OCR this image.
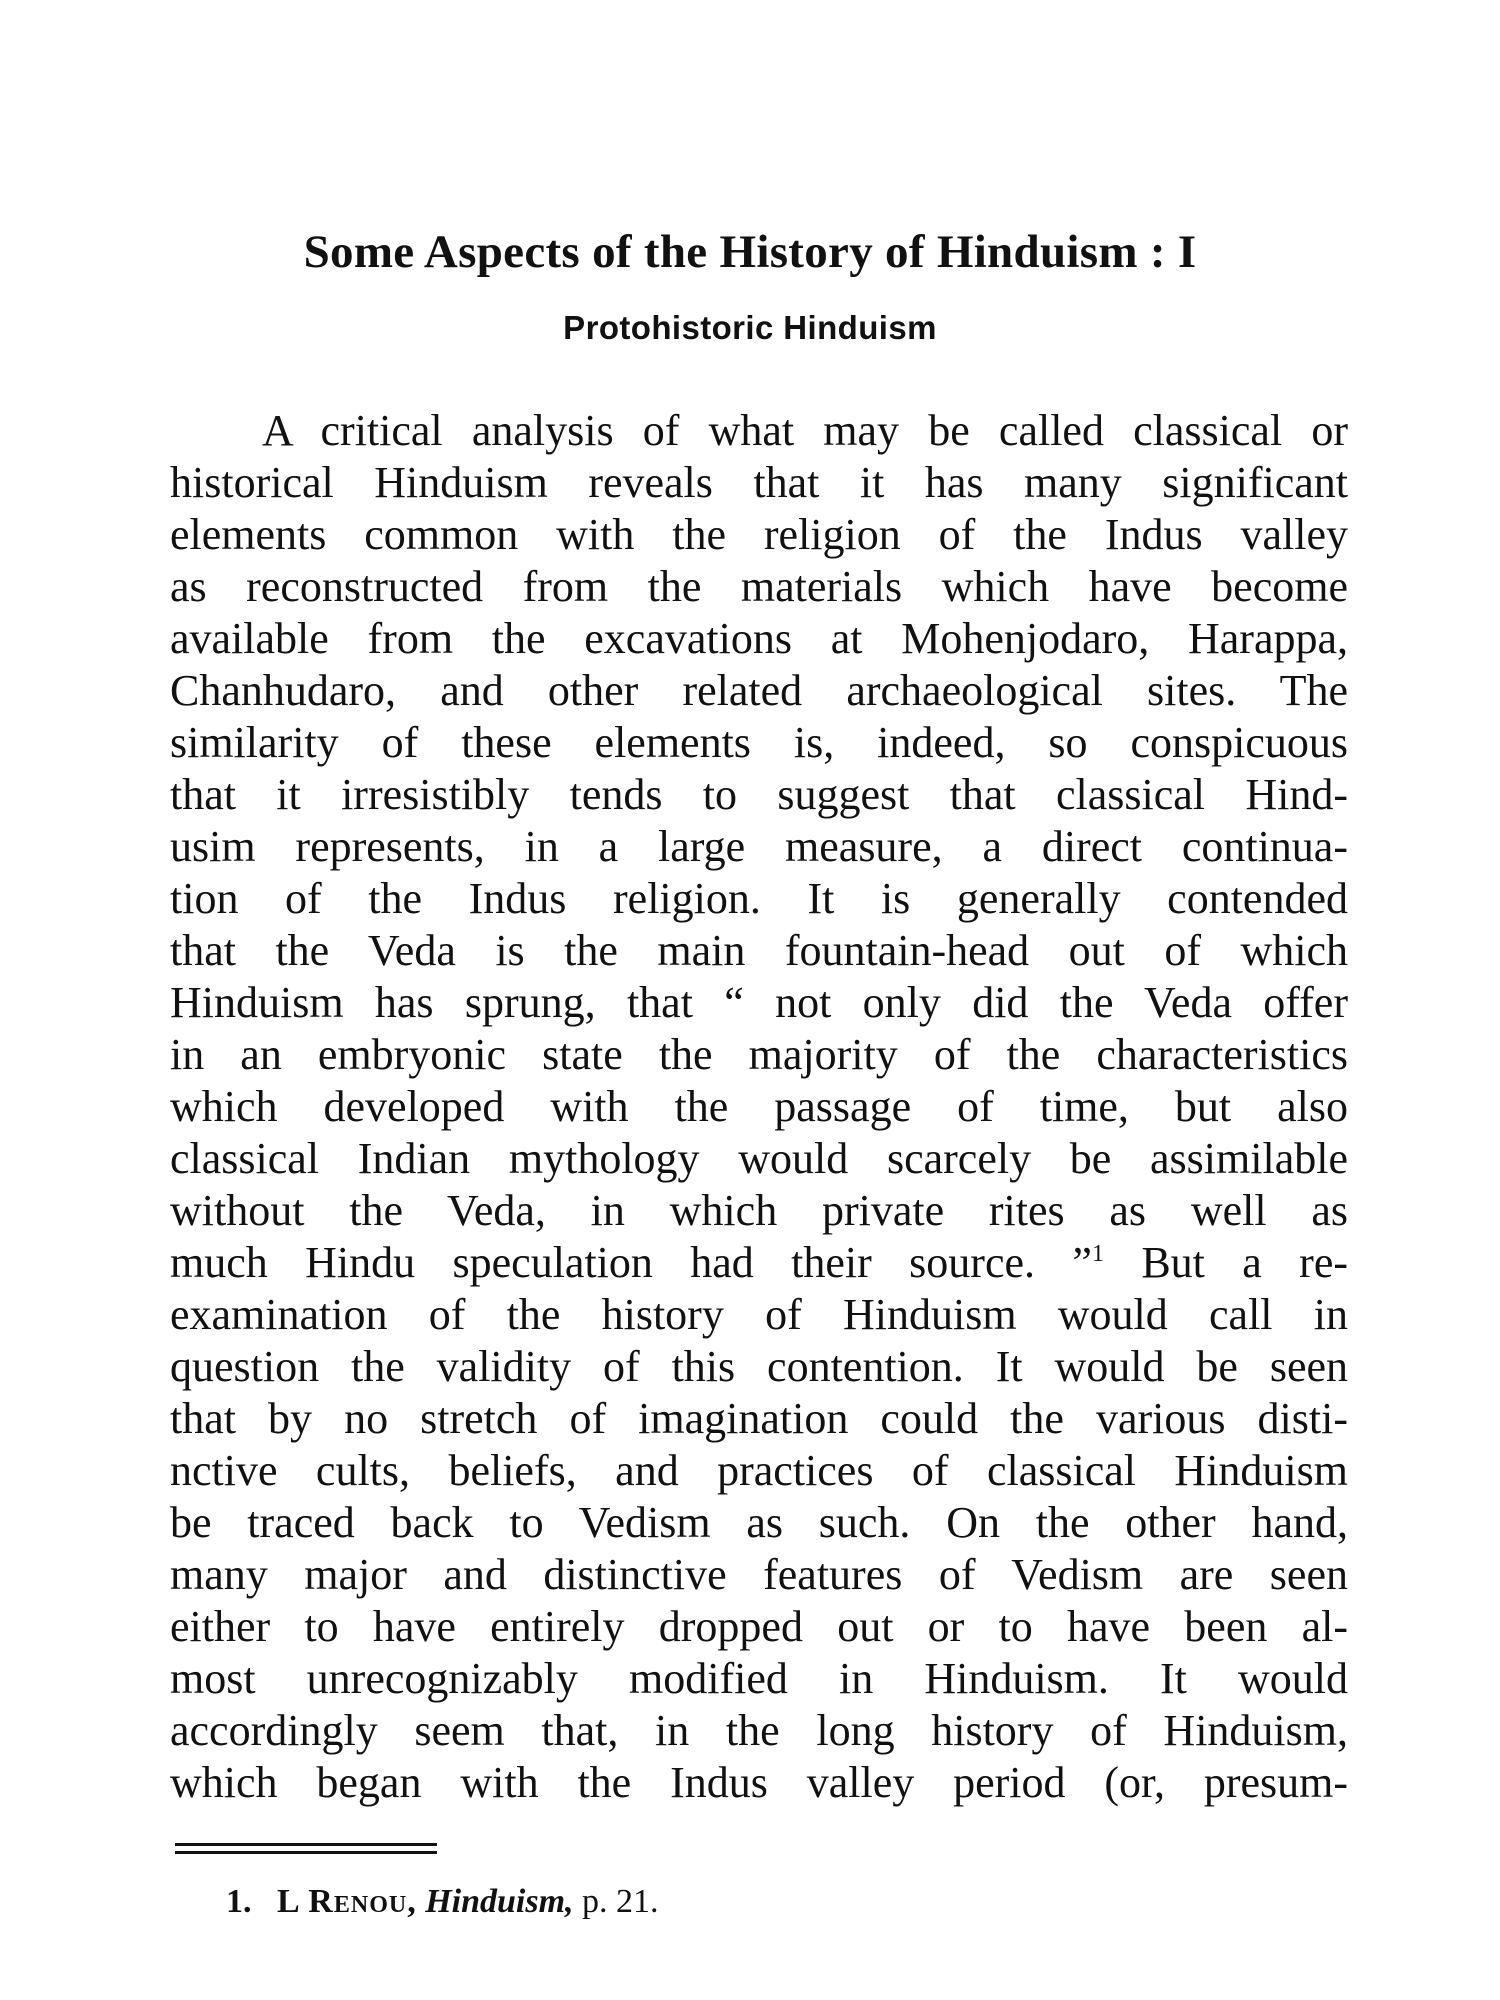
Some Aspects of the History of Hinduism : I
Protohistoric Hinduism
A critical analysis of what may be called classical or
historical Hinduism reveals that it has many significant
elements common with the religion of the Indus valley
as reconstructed from the materials which have become
available from the excavations at Mohenjodaro, Harappa,
Chanhudaro, and other related archaeological sites. The
similarity of these elements is, indeed, so conspicuous
that it irresistibly tends to suggest that classical Hind-
usim represents, in a large measure, a direct continua-
tion of the Indus religion. It is generally contended
that the Veda is the main fountain-head out of which
Hinduism has sprung, that “ not only did the Veda offer
in an embryonic state the majority of the characteristics
which developed with the passage of time, but also
classical Indian mythology would scarcely be assimilable
without the Veda, in which private rites as well as
much Hindu speculation had their source. ”$^1$ But a re-
examination of the history of Hinduism would call in
question the validity of this contention. It would be seen
that by no stretch of imagination could the various disti-
nctive cults, beliefs, and practices of classical Hinduism
be traced back to Vedism as such. On the other hand,
many major and distinctive features of Vedism are seen
either to have entirely dropped out or to have been al-
most unrecognizably modified in Hinduism. It would
accordingly seem that, in the long history of Hinduism,
which began with the Indus valley period (or, presum-
1. L Renou, Hinduism, p. 21.
